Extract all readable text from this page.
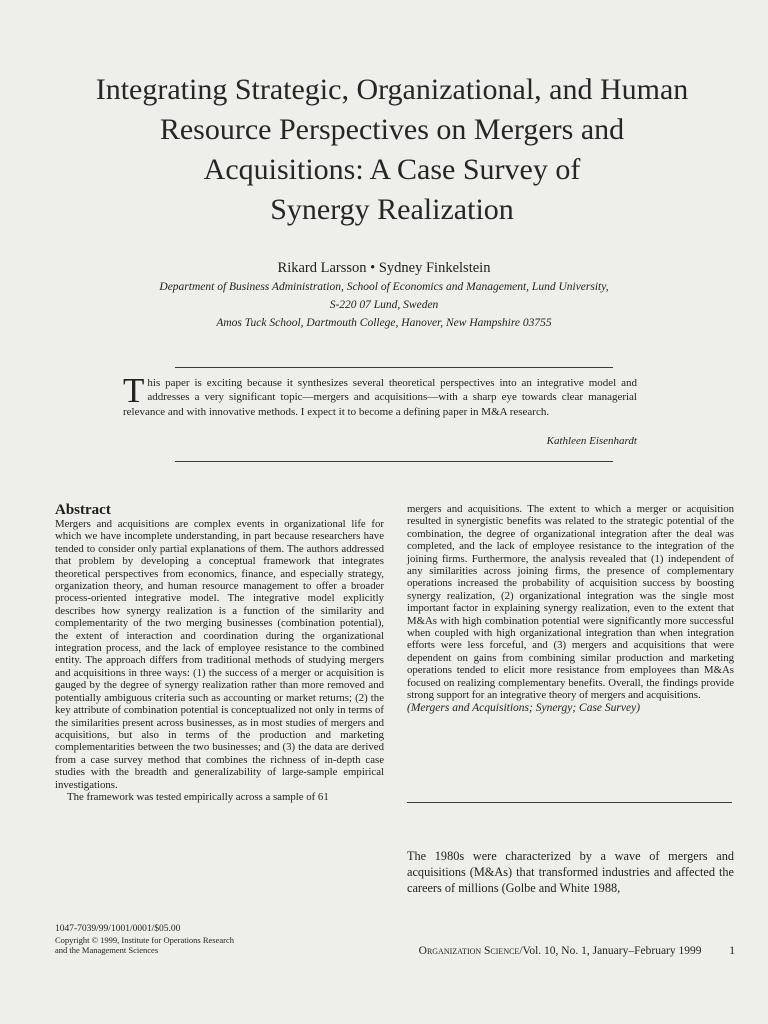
Integrating Strategic, Organizational, and Human
Resource Perspectives on Mergers and
Acquisitions: A Case Survey of
Synergy Realization
Rikard Larsson • Sydney Finkelstein
Department of Business Administration, School of Economics and Management, Lund University,
S-220 07 Lund, Sweden
Amos Tuck School, Dartmouth College, Hanover, New Hampshire 03755
This paper is exciting because it synthesizes several theoretical perspectives into an integrative model and addresses a very significant topic—mergers and acquisitions—with a sharp eye towards clear managerial relevance and with innovative methods. I expect it to become a defining paper in M&A research.
Kathleen Eisenhardt
Abstract
Mergers and acquisitions are complex events in organizational life for which we have incomplete understanding, in part because researchers have tended to consider only partial explanations of them. The authors addressed that problem by developing a conceptual framework that integrates theoretical perspectives from economics, finance, and especially strategy, organization theory, and human resource management to offer a broader process-oriented integrative model. The integrative model explicitly describes how synergy realization is a function of the similarity and complementarity of the two merging businesses (combination potential), the extent of interaction and coordination during the organizational integration process, and the lack of employee resistance to the combined entity. The approach differs from traditional methods of studying mergers and acquisitions in three ways: (1) the success of a merger or acquisition is gauged by the degree of synergy realization rather than more removed and potentially ambiguous criteria such as accounting or market returns; (2) the key attribute of combination potential is conceptualized not only in terms of the similarities present across businesses, as in most studies of mergers and acquisitions, but also in terms of the production and marketing complementarities between the two businesses; and (3) the data are derived from a case survey method that combines the richness of in-depth case studies with the breadth and generalizability of large-sample empirical investigations.
The framework was tested empirically across a sample of 61
mergers and acquisitions. The extent to which a merger or acquisition resulted in synergistic benefits was related to the strategic potential of the combination, the degree of organizational integration after the deal was completed, and the lack of employee resistance to the integration of the joining firms. Furthermore, the analysis revealed that (1) independent of any similarities across joining firms, the presence of complementary operations increased the probability of acquisition success by boosting synergy realization, (2) organizational integration was the single most important factor in explaining synergy realization, even to the extent that M&As with high combination potential were significantly more successful when coupled with high organizational integration than when integration efforts were less forceful, and (3) mergers and acquisitions that were dependent on gains from combining similar production and marketing operations tended to elicit more resistance from employees than M&As focused on realizing complementary benefits. Overall, the findings provide strong support for an integrative theory of mergers and acquisitions.
(Mergers and Acquisitions; Synergy; Case Survey)
The 1980s were characterized by a wave of mergers and acquisitions (M&As) that transformed industries and affected the careers of millions (Golbe and White 1988,
1047-7039/99/1001/0001/$05.00
Copyright © 1999, Institute for Operations Research
and the Management Sciences	Organization Science/Vol. 10, No. 1, January–February 1999 1
